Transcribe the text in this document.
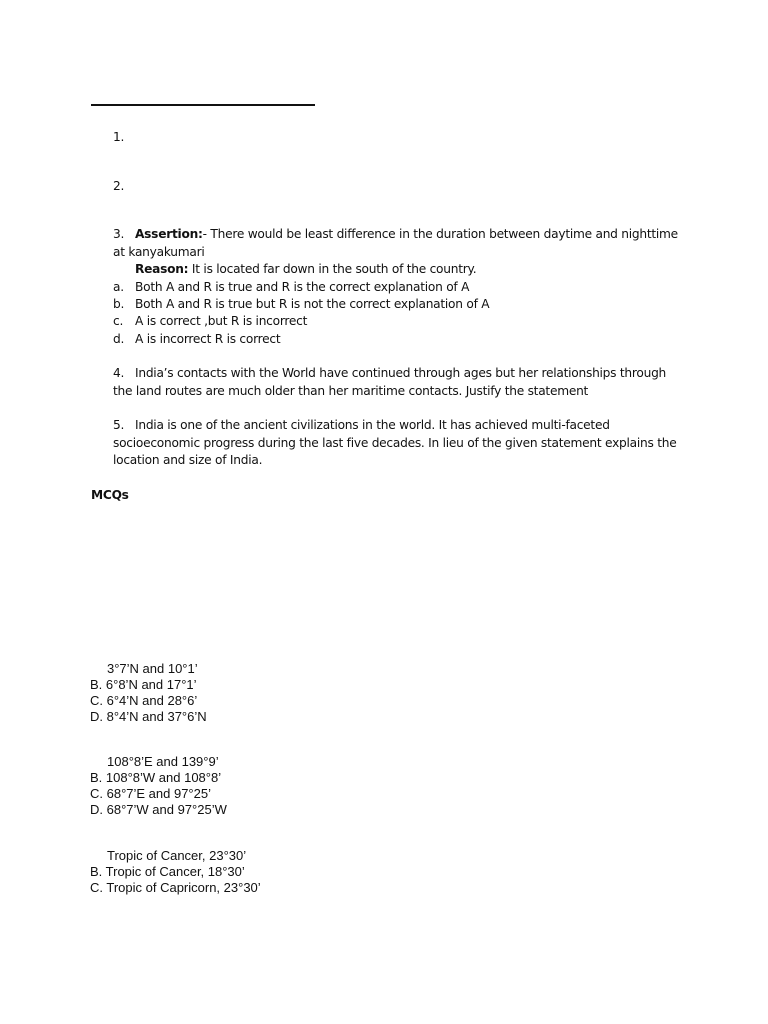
1.
2.
3. Assertion:- There would be least difference in the duration between daytime and nighttime at kanyakumari
Reason: It is located far down in the south of the country.
a. Both A and R is true and R is the correct explanation of A
b. Both A and R is true but R is not the correct explanation of A
c. A is correct ,but R is incorrect
d. A is incorrect R is correct
4. India’s contacts with the World have continued through ages but her relationships through the land routes are much older than her maritime contacts. Justify the statement
5. India is one of the ancient civilizations in the world. It has achieved multi-faceted socioeconomic progress during the last five decades. In lieu of the given statement explains the location and size of India.
MCQs
3°7’N and 10°1’
B. 6°8’N and 17°1’
C. 6°4’N and 28°6’
D. 8°4’N and 37°6’N
108°8’E and 139°9’
B. 108°8’W and 108°8’
C. 68°7’E and 97°25’
D. 68°7’W and 97°25’W
Tropic of Cancer, 23°30’
B. Tropic of Cancer, 18°30’
C. Tropic of Capricorn, 23°30’
